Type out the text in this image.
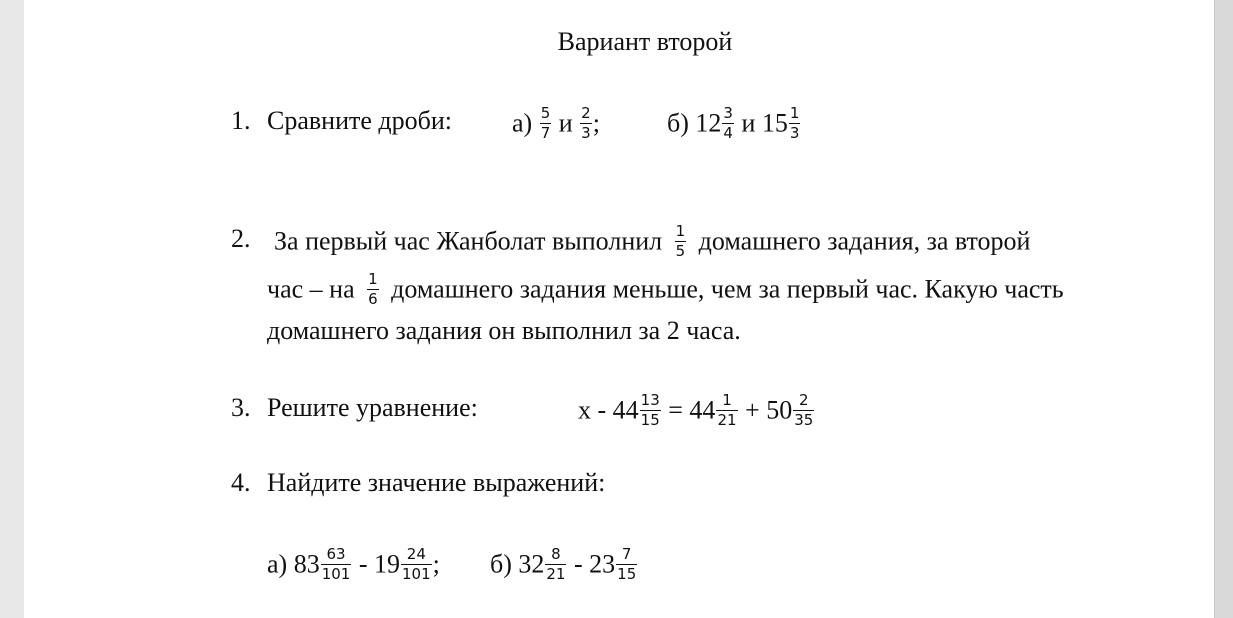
Вариант второй
1. Сравните дроби: $а) \frac{5}{7}$ и $\frac{2}{3}$ ;	б) $12 \frac{3}{4}$ и $15 \frac{1}{3}$
2. За первый час Жанболат выполнил $\frac{1}{5}$ домашнего задания, за второй
час – на $\frac{1}{6}$ домашнего задания меньше, чем за первый час. Какую часть
домашнего задания он выполнил за 2 часа.
3. Решите уравнение:	$x - 44 \frac{13}{15} = 44 \frac{1}{21} + 50 \frac{2}{35}$
4. Найдите значение выражений:
а) $83 \frac{63}{101} - 19 \frac{24}{101}$ ; б) $32 \frac{8}{21} - 23 \frac{7}{15}$
